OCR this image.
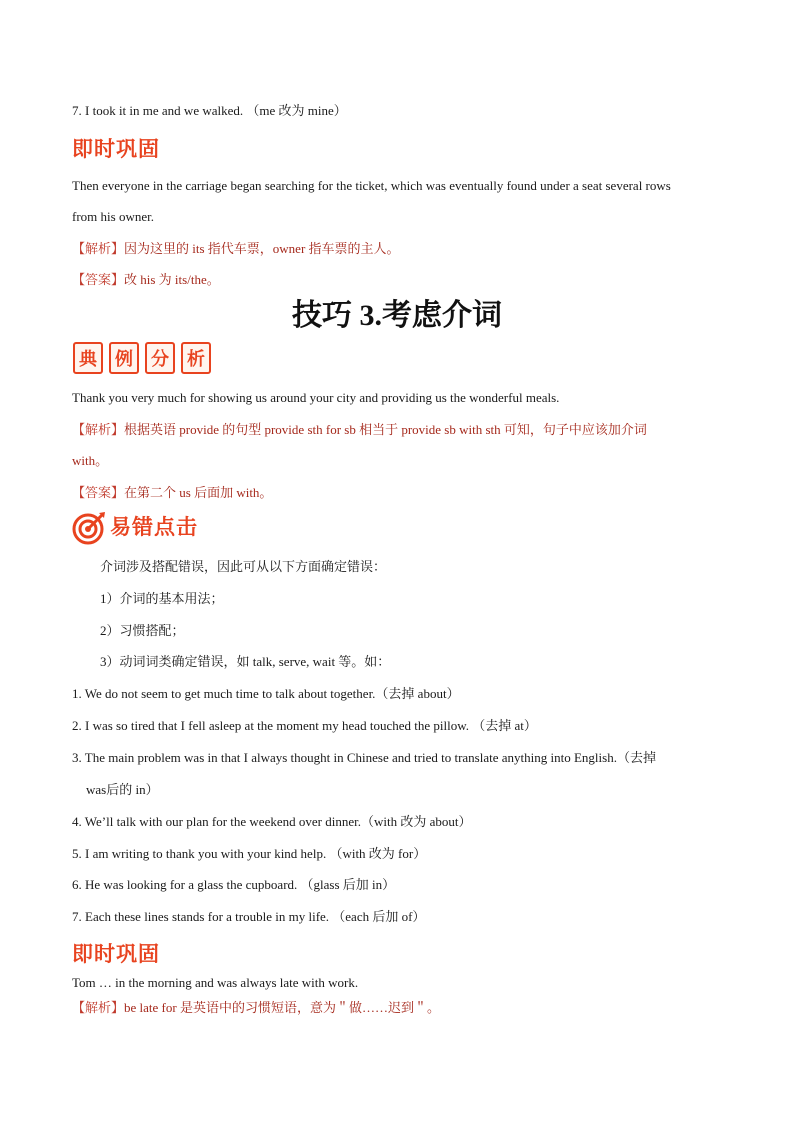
7. I took it in me and we walked. （me 改为 mine）
即时巩固
Then everyone in the carriage began searching for the ticket, which was eventually found under a seat several rows
from his owner.
【解析】因为这里的 its 指代车票，owner 指车票的主人。
【答案】改 his 为 its/the。
技巧 3.考虑介词
典	例	分	析
Thank you very much for showing us around your city and providing us the wonderful meals.
【解析】根据英语 provide 的句型 provide sth for sb 相当于 provide sb with sth 可知，句子中应该加介词
with。
【答案】在第二个 us 后面加 with。
易错点击
介词涉及搭配错误，因此可从以下方面确定错误：
1）介词的基本用法；
2）习惯搭配；
3）动词词类确定错误，如 talk, serve, wait 等。如：
1. We do not seem to get much time to talk about together.（去掉 about）
2. I was so tired that I fell asleep at the moment my head touched the pillow. （去掉 at）
3. The main problem was in that I always thought in Chinese and tried to translate anything into English.（去掉
was后的 in）
4. We’ll talk with our plan for the weekend over dinner.（with 改为 about）
5. I am writing to thank you with your kind help. （with 改为 for）
6. He was looking for a glass the cupboard. （glass 后加 in）
7. Each these lines stands for a trouble in my life. （each 后加 of）
即时巩固
Tom … in the morning and was always late with work.
【解析】be late for 是英语中的习惯短语，意为＂做……迟到＂。
